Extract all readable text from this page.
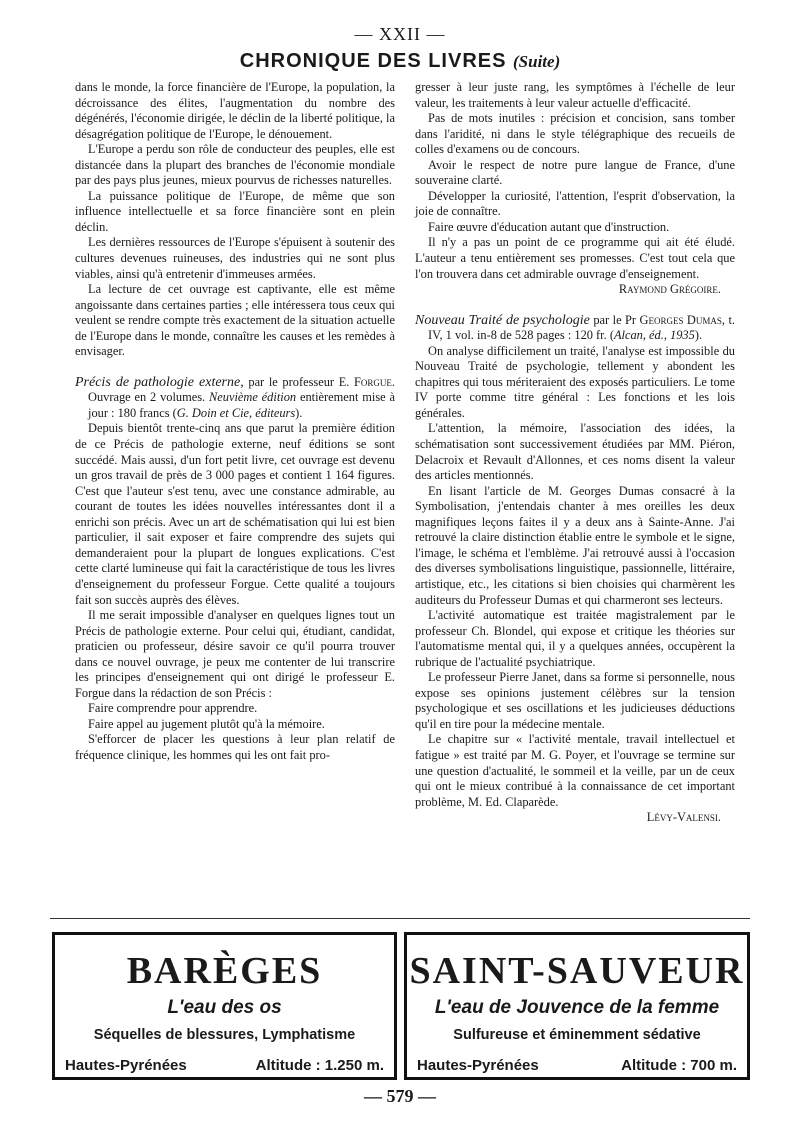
— XXII —
CHRONIQUE DES LIVRES (Suite)

dans le monde, la force financière de l'Europe, la population, la décroissance des élites, l'augmentation du nombre des dégénérés, l'économie dirigée, le déclin de la liberté politique, la désagrégation politique de l'Europe, le dénouement.

L'Europe a perdu son rôle de conducteur des peuples, elle est distancée dans la plupart des branches de l'économie mondiale par des pays plus jeunes, mieux pourvus de richesses naturelles.

La puissance politique de l'Europe, de même que son influence intellectuelle et sa force financière sont en plein déclin.

Les dernières ressources de l'Europe s'épuisent à soutenir des cultures devenues ruineuses, des industries qui ne sont plus viables, ainsi qu'à entretenir d'immeuses armées.

La lecture de cet ouvrage est captivante, elle est même angoissante dans certaines parties ; elle intéressera tous ceux qui veulent se rendre compte très exactement de la situation actuelle de l'Europe dans le monde, connaître les causes et les remèdes à envisager.

Précis de pathologie externe, par le professeur E. Forgue. Ouvrage en 2 volumes. Neuvième édition entièrement mise à jour : 180 francs (G. Doin et Cie, éditeurs).

Depuis bientôt trente-cinq ans que parut la première édition de ce Précis de pathologie externe, neuf éditions se sont succédé. Mais aussi, d'un fort petit livre, cet ouvrage est devenu un gros travail de près de 3 000 pages et contient 1 164 figures. C'est que l'auteur s'est tenu, avec une constance admirable, au courant de toutes les idées nouvelles intéressantes dont il a enrichi son précis. Avec un art de schématisation qui lui est bien particulier, il sait exposer et faire comprendre des sujets qui demanderaient pour la plupart de longues explications. C'est cette clarté lumineuse qui fait la caractéristique de tous les livres d'enseignement du professeur Forgue. Cette qualité a toujours fait son succès auprès des élèves.

Il me serait impossible d'analyser en quelques lignes tout un Précis de pathologie externe. Pour celui qui, étudiant, candidat, praticien ou professeur, désire savoir ce qu'il pourra trouver dans ce nouvel ouvrage, je peux me contenter de lui transcrire les principes d'enseignement qui ont dirigé le professeur E. Forgue dans la rédaction de son Précis :

Faire comprendre pour apprendre.

Faire appel au jugement plutôt qu'à la mémoire.

S'efforcer de placer les questions à leur plan relatif de fréquence clinique, les hommes qui les ont fait pro-

gresser à leur juste rang, les symptômes à l'échelle de leur valeur, les traitements à leur valeur actuelle d'efficacité.

Pas de mots inutiles : précision et concision, sans tomber dans l'aridité, ni dans le style télégraphique des recueils de colles d'examens ou de concours.

Avoir le respect de notre pure langue de France, d'une souveraine clarté.

Développer la curiosité, l'attention, l'esprit d'observation, la joie de connaître.

Faire œuvre d'éducation autant que d'instruction.

Il n'y a pas un point de ce programme qui ait été éludé. L'auteur a tenu entièrement ses promesses. C'est tout cela que l'on trouvera dans cet admirable ouvrage d'enseignement.

Raymond Grégoire.

Nouveau Traité de psychologie par le Pr Georges Dumas, t. IV, 1 vol. in-8 de 528 pages : 120 fr. (Alcan, éd., 1935).

On analyse difficilement un traité, l'analyse est impossible du Nouveau Traité de psychologie, tellement y abondent les chapitres qui tous mériteraient des exposés particuliers. Le tome IV porte comme titre général : Les fonctions et les lois générales.

L'attention, la mémoire, l'association des idées, la schématisation sont successivement étudiées par MM. Piéron, Delacroix et Revault d'Allonnes, et ces noms disent la valeur des articles mentionnés.

En lisant l'article de M. Georges Dumas consacré à la Symbolisation, j'entendais chanter à mes oreilles les deux magnifiques leçons faites il y a deux ans à Sainte-Anne. J'ai retrouvé la claire distinction établie entre le symbole et le signe, l'image, le schéma et l'emblème. J'ai retrouvé aussi à l'occasion des diverses symbolisations linguistique, passionnelle, littéraire, artistique, etc., les citations si bien choisies qui charmèrent les auditeurs du Professeur Dumas et qui charmeront ses lecteurs.

L'activité automatique est traitée magistralement par le professeur Ch. Blondel, qui expose et critique les théories sur l'automatisme mental qui, il y a quelques années, occupèrent la rubrique de l'actualité psychiatrique.

Le professeur Pierre Janet, dans sa forme si personnelle, nous expose ses opinions justement célèbres sur la tension psychologique et ses oscillations et les judicieuses déductions qu'il en tire pour la médecine mentale.

Le chapitre sur « l'activité mentale, travail intellectuel et fatigue » est traité par M. G. Poyer, et l'ouvrage se termine sur une question d'actualité, le sommeil et la veille, par un de ceux qui ont le mieux contribué à la connaissance de cet important problème, M. Ed. Claparède.

Lévy-Valensi.

BARÈGES
L'eau des os
Séquelles de blessures, Lymphatisme
Hautes-Pyrénées	Altitude : 1.250 m.
SAINT-SAUVEUR
L'eau de Jouvence de la femme
Sulfureuse et éminemment sédative
Hautes-Pyrénées	Altitude : 700 m.
— 579 —
